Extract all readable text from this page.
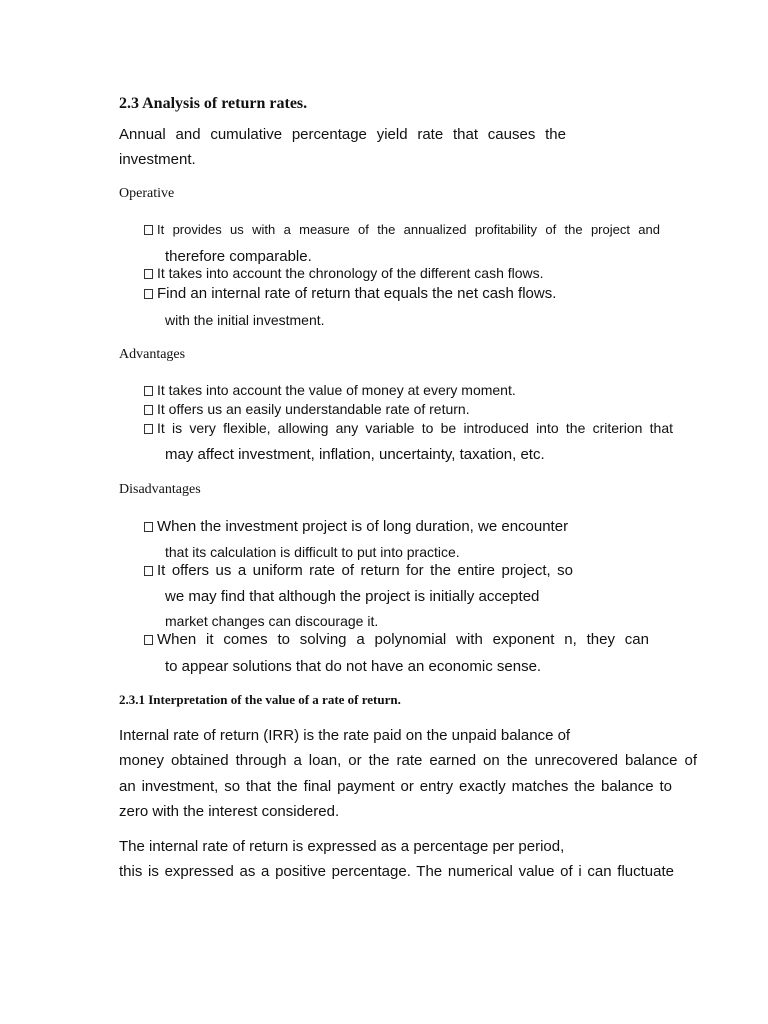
2.3 Analysis of return rates.
Annual and cumulative percentage yield rate that causes the
investment.
Operative
It provides us with a measure of the annualized profitability of the project and
therefore comparable.
It takes into account the chronology of the different cash flows.
Find an internal rate of return that equals the net cash flows.
with the initial investment.
Advantages
It takes into account the value of money at every moment.
It offers us an easily understandable rate of return.
It is very flexible, allowing any variable to be introduced into the criterion that
may affect investment, inflation, uncertainty, taxation, etc.
Disadvantages
When the investment project is of long duration, we encounter
that its calculation is difficult to put into practice.
It offers us a uniform rate of return for the entire project, so
we may find that although the project is initially accepted
market changes can discourage it.
When it comes to solving a polynomial with exponent n, they can
to appear solutions that do not have an economic sense.
2.3.1 Interpretation of the value of a rate of return.
Internal rate of return (IRR) is the rate paid on the unpaid balance of
money obtained through a loan, or the rate earned on the unrecovered balance of
an investment, so that the final payment or entry exactly matches the balance to
zero with the interest considered.
The internal rate of return is expressed as a percentage per period,
this is expressed as a positive percentage. The numerical value of i can fluctuate
